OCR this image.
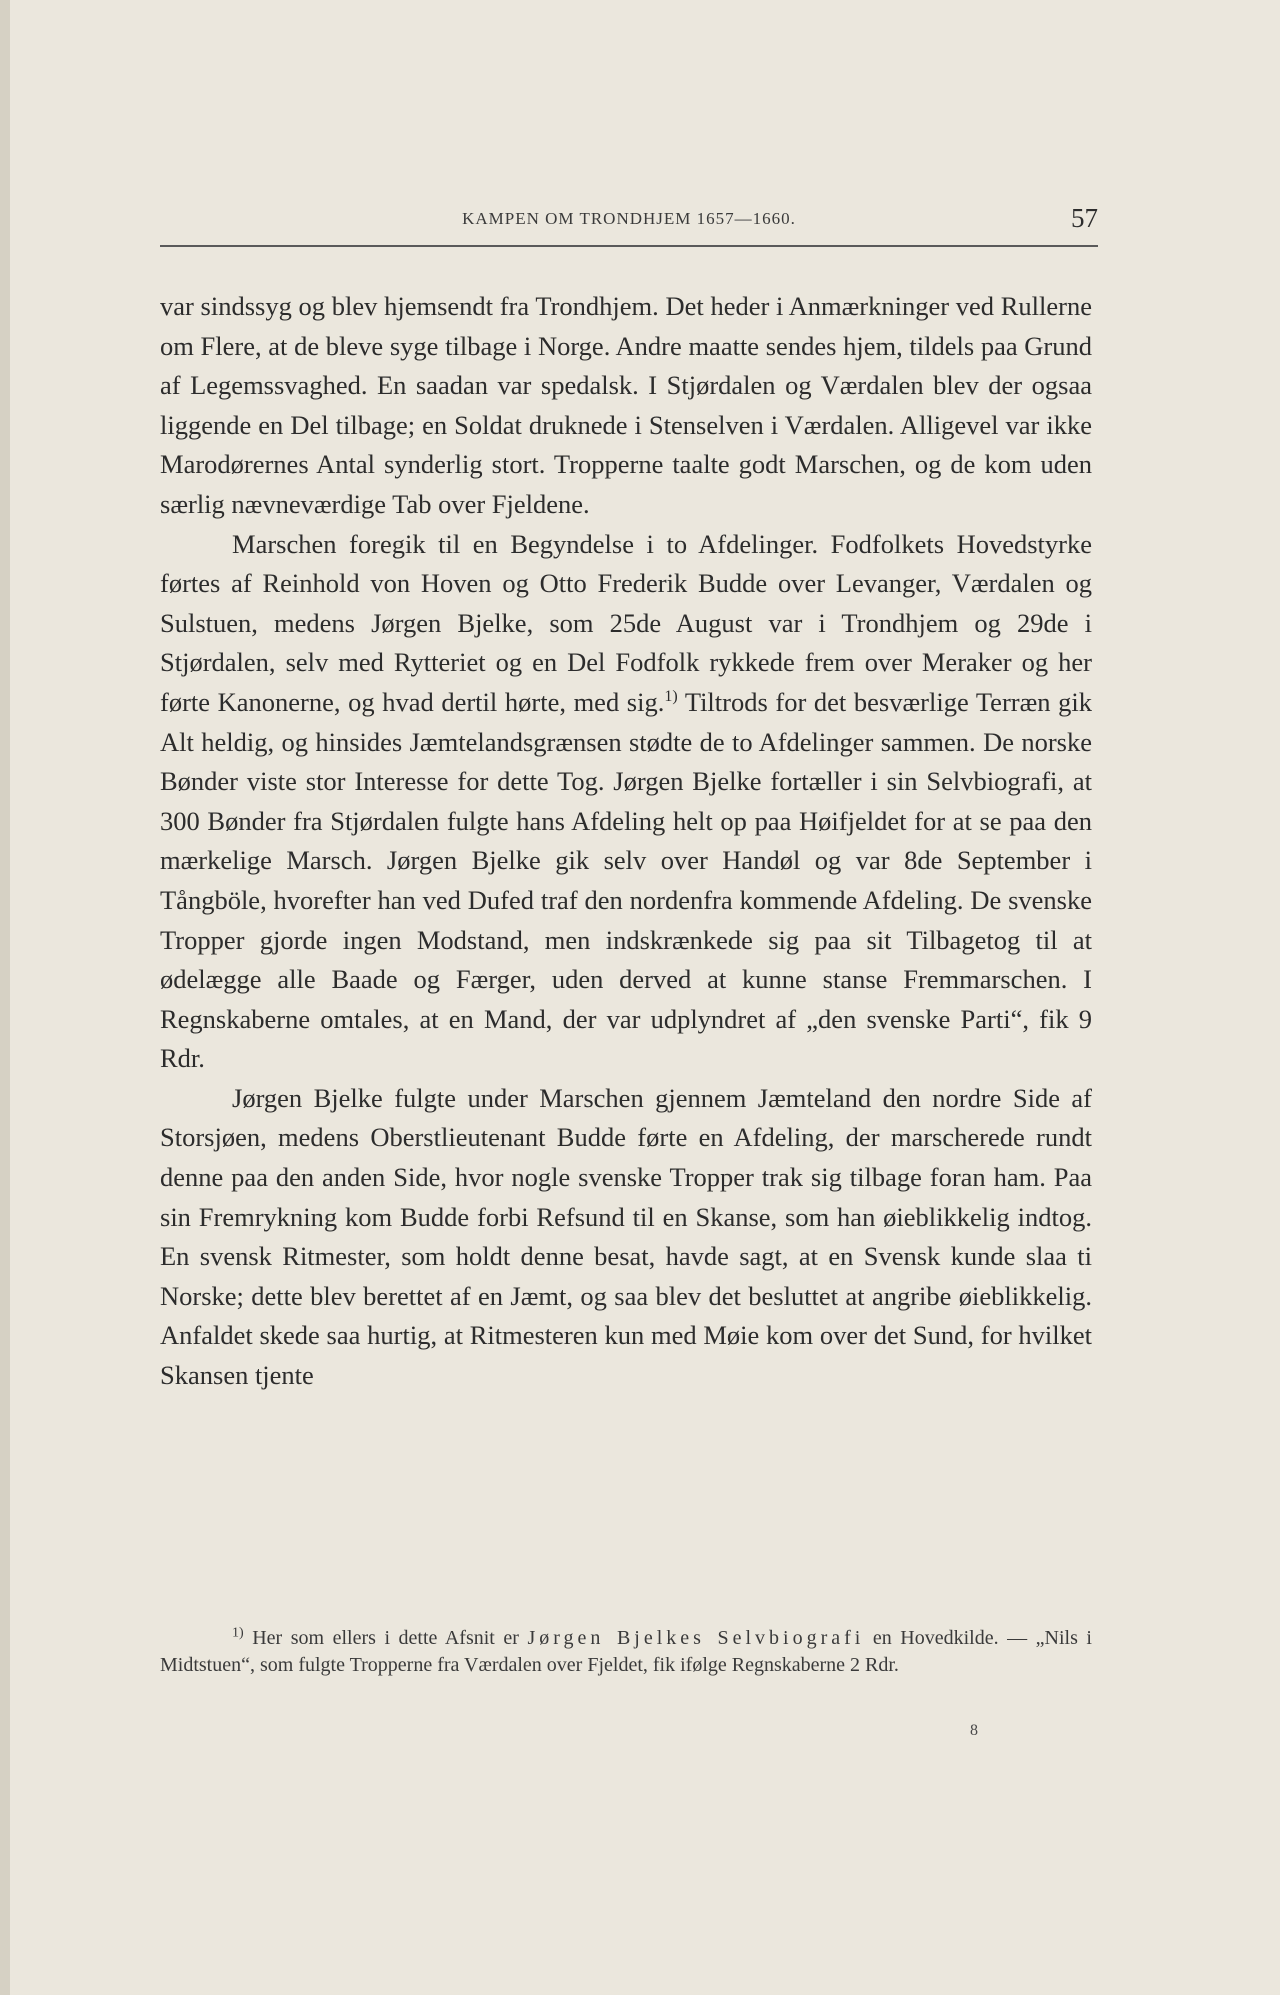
KAMPEN OM TRONDHJEM 1657—1660.	57

var sindssyg og blev hjemsendt fra Trondhjem. Det heder i Anmærkninger ved Rullerne om Flere, at de bleve syge tilbage i Norge. Andre maatte sendes hjem, tildels paa Grund af Legemssvaghed. En saadan var spedalsk. I Stjørdalen og Værdalen blev der ogsaa liggende en Del tilbage; en Soldat druknede i Stenselven i Værdalen. Alligevel var ikke Marodørernes Antal synderlig stort. Tropperne taalte godt Marschen, og de kom uden særlig nævneværdige Tab over Fjeldene.

Marschen foregik til en Begyndelse i to Afdelinger. Fodfolkets Hovedstyrke førtes af Reinhold von Hoven og Otto Frederik Budde over Levanger, Værdalen og Sulstuen, medens Jørgen Bjelke, som 25de August var i Trondhjem og 29de i Stjørdalen, selv med Rytteriet og en Del Fodfolk rykkede frem over Meraker og her førte Kanonerne, og hvad dertil hørte, med sig.$^{1)}$ Tiltrods for det besværlige Terræn gik Alt heldig, og hinsides Jæmtelandsgrænsen stødte de to Afdelinger sammen. De norske Bønder viste stor Interesse for dette Tog. Jørgen Bjelke fortæller i sin Selvbiografi, at 300 Bønder fra Stjørdalen fulgte hans Afdeling helt op paa Høifjeldet for at se paa den mærkelige Marsch. Jørgen Bjelke gik selv over Handøl og var 8de September i Tångböle, hvorefter han ved Dufed traf den nordenfra kommende Afdeling. De svenske Tropper gjorde ingen Modstand, men indskrænkede sig paa sit Tilbagetog til at ødelægge alle Baade og Færger, uden derved at kunne stanse Fremmarschen. I Regnskaberne omtales, at en Mand, der var udplyndret af „den svenske Parti“, fik 9 Rdr.

Jørgen Bjelke fulgte under Marschen gjennem Jæmteland den nordre Side af Storsjøen, medens Oberstlieutenant Budde førte en Afdeling, der marscherede rundt denne paa den anden Side, hvor nogle svenske Tropper trak sig tilbage foran ham. Paa sin Fremrykning kom Budde forbi Refsund til en Skanse, som han øieblikkelig indtog. En svensk Ritmester, som holdt denne besat, havde sagt, at en Svensk kunde slaa ti Norske; dette blev berettet af en Jæmt, og saa blev det besluttet at angribe øieblikkelig. Anfaldet skede saa hurtig, at Ritmesteren kun med Møie kom over det Sund, for hvilket Skansen tjente

$^{1)}$ Her som ellers i dette Afsnit er Jørgen Bjelkes Selvbiografi en Hovedkilde. — „Nils i Midtstuen“, som fulgte Tropperne fra Værdalen over Fjeldet, fik ifølge Regnskaberne 2 Rdr.
8
